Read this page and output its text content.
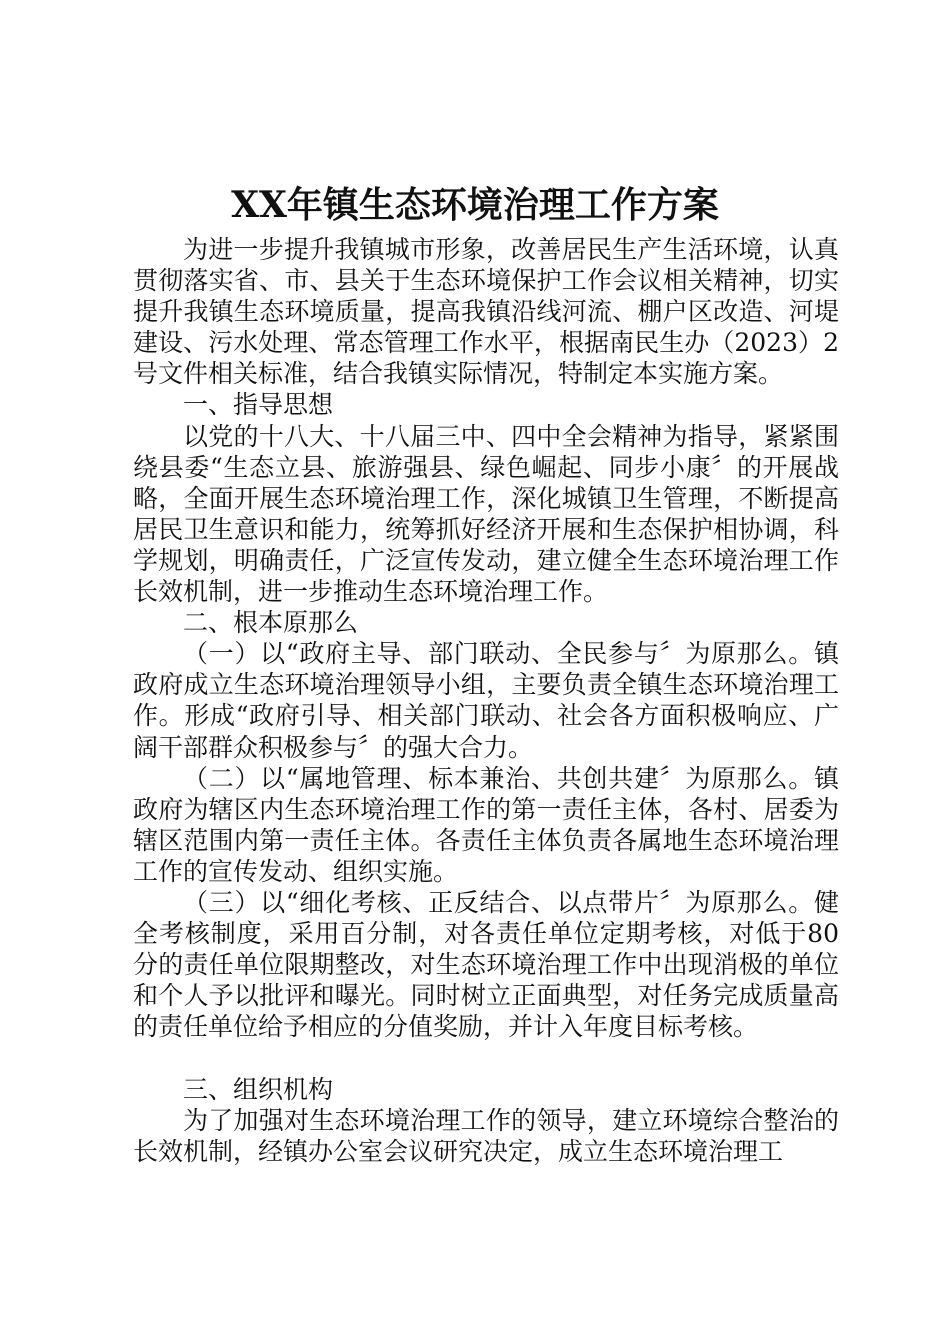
XX年镇生态环境治理工作方案

为进一步提升我镇城市形象，改善居民生产生活环境，认真贯彻落实省、市、县关于生态环境保护工作会议相关精神，切实提升我镇生态环境质量，提高我镇沿线河流、棚户区改造、河堤建设、污水处理、常态管理工作水平，根据南民生办（2023）2号文件相关标准，结合我镇实际情况，特制定本实施方案。

一、指导思想

以党的十八大、十八届三中、四中全会精神为指导，紧紧围绕县委“生态立县、旅游强县、绿色崛起、同步小康〞的开展战略，全面开展生态环境治理工作，深化城镇卫生管理，不断提高居民卫生意识和能力，统筹抓好经济开展和生态保护相协调，科学规划，明确责任，广泛宣传发动，建立健全生态环境治理工作长效机制，进一步推动生态环境治理工作。

二、根本原那么

（一）以“政府主导、部门联动、全民参与〞为原那么。镇政府成立生态环境治理领导小组，主要负责全镇生态环境治理工作。形成“政府引导、相关部门联动、社会各方面积极响应、广阔干部群众积极参与〞的强大合力。

（二）以“属地管理、标本兼治、共创共建〞为原那么。镇政府为辖区内生态环境治理工作的第一责任主体，各村、居委为辖区范围内第一责任主体。各责任主体负责各属地生态环境治理工作的宣传发动、组织实施。

（三）以“细化考核、正反结合、以点带片〞为原那么。健全考核制度，采用百分制，对各责任单位定期考核，对低于80分的责任单位限期整改，对生态环境治理工作中出现消极的单位和个人予以批评和曝光。同时树立正面典型，对任务完成质量高的责任单位给予相应的分值奖励，并计入年度目标考核。

三、组织机构

为了加强对生态环境治理工作的领导，建立环境综合整治的长效机制，经镇办公室会议研究决定，成立生态环境治理工
